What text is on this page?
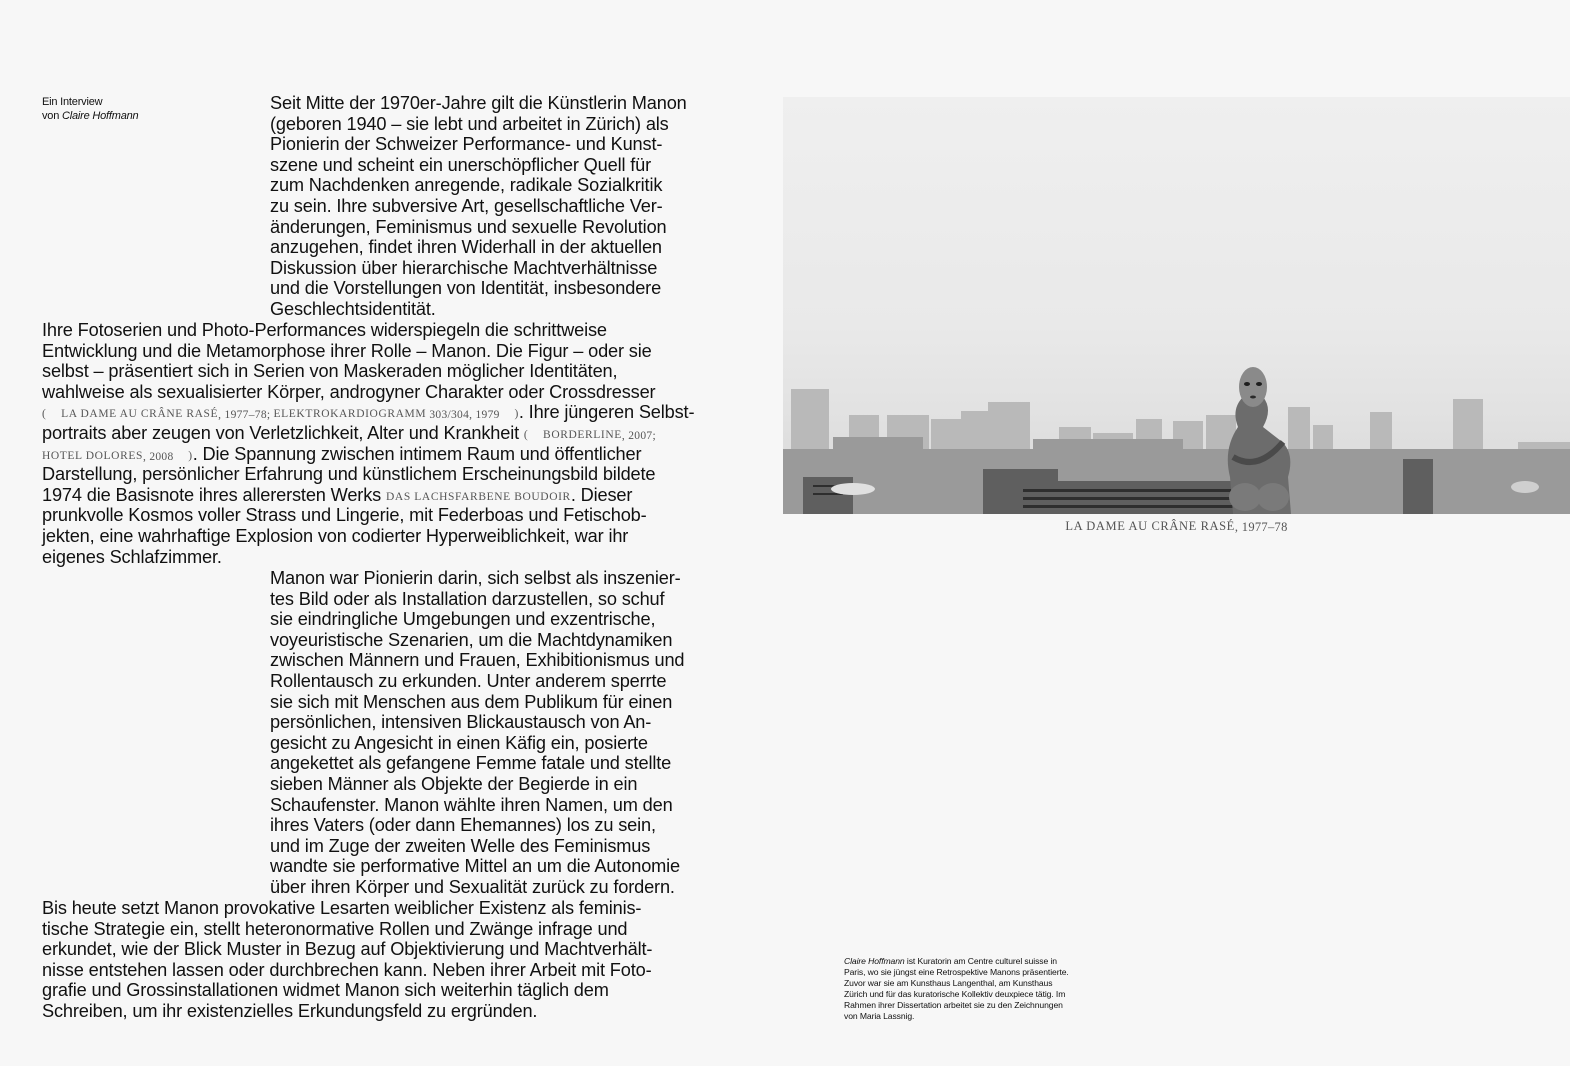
Ein Interview
von Claire Hoffmann
Seit Mitte der 1970er-Jahre gilt die Künstlerin Manon
(geboren 1940 – sie lebt und arbeitet in Zürich) als
Pionierin der Schweizer Performance- und Kunst-
szene und scheint ein unerschöpflicher Quell für
zum Nachdenken anregende, radikale Sozialkritik
zu sein. Ihre subversive Art, gesellschaftliche Ver-
änderungen, Feminismus und sexuelle Revolution
anzugehen, findet ihren Widerhall in der aktuellen
Diskussion über hierarchische Machtverhältnisse
und die Vorstellungen von Identität, insbesondere
Geschlechtsidentität.
Ihre Fotoserien und Photo-Performances widerspiegeln die schrittweise
Entwicklung und die Metamorphose ihrer Rolle – Manon. Die Figur – oder sie
selbst – präsentiert sich in Serien von Maskeraden möglicher Identitäten,
wahlweise als sexualisierter Körper, androgyner Charakter oder Crossdresser
( LA DAME AU CRÂNE RASÉ, 1977–78; ELEKTROKARDIOGRAMM 303/304, 1979 ). Ihre jüngeren Selbst-
portraits aber zeugen von Verletzlichkeit, Alter und Krankheit ( BORDERLINE, 2007;
HOTEL DOLORES, 2008 ). Die Spannung zwischen intimem Raum und öffentlicher
Darstellung, persönlicher Erfahrung und künstlichem Erscheinungsbild bildete
1974 die Basisnote ihres allerersten Werks DAS LACHSFARBENE BOUDOIR. Dieser
prunkvolle Kosmos voller Strass und Lingerie, mit Federboas und Fetischob-
jekten, eine wahrhaftige Explosion von codierter Hyperweiblichkeit, war ihr
eigenes Schlafzimmer.
Manon war Pionierin darin, sich selbst als inszenier-
tes Bild oder als Installation darzustellen, so schuf
sie eindringliche Umgebungen und exzentrische,
voyeuristische Szenarien, um die Machtdynamiken
zwischen Männern und Frauen, Exhibitionismus und
Rollentausch zu erkunden. Unter anderem sperrte
sie sich mit Menschen aus dem Publikum für einen
persönlichen, intensiven Blickaustausch von An-
gesicht zu Angesicht in einen Käfig ein, posierte
angekettet als gefangene Femme fatale und stellte
sieben Männer als Objekte der Begierde in ein
Schaufenster. Manon wählte ihren Namen, um den
ihres Vaters (oder dann Ehemannes) los zu sein,
und im Zuge der zweiten Welle des Feminismus
wandte sie performative Mittel an um die Autonomie
über ihren Körper und Sexualität zurück zu fordern.
Bis heute setzt Manon provokative Lesarten weiblicher Existenz als feminis-
tische Strategie ein, stellt heteronormative Rollen und Zwänge infrage und
erkundet, wie der Blick Muster in Bezug auf Objektivierung und Machtverhält-
nisse entstehen lassen oder durchbrechen kann. Neben ihrer Arbeit mit Foto-
grafie und Grossinstallationen widmet Manon sich weiterhin täglich dem
Schreiben, um ihr existenzielles Erkundungsfeld zu ergründen.
LA DAME AU CRÂNE RASÉ, 1977–78
Claire Hoffmann ist Kuratorin am Centre culturel suisse in Paris, wo sie jüngst eine Retrospektive Manons präsentierte. Zuvor war sie am Kunsthaus Langenthal, am Kunsthaus Zürich und für das kuratorische Kollektiv deuxpiece tätig. Im Rahmen ihrer Dissertation arbeitet sie zu den Zeichnungen von Maria Lassnig.
